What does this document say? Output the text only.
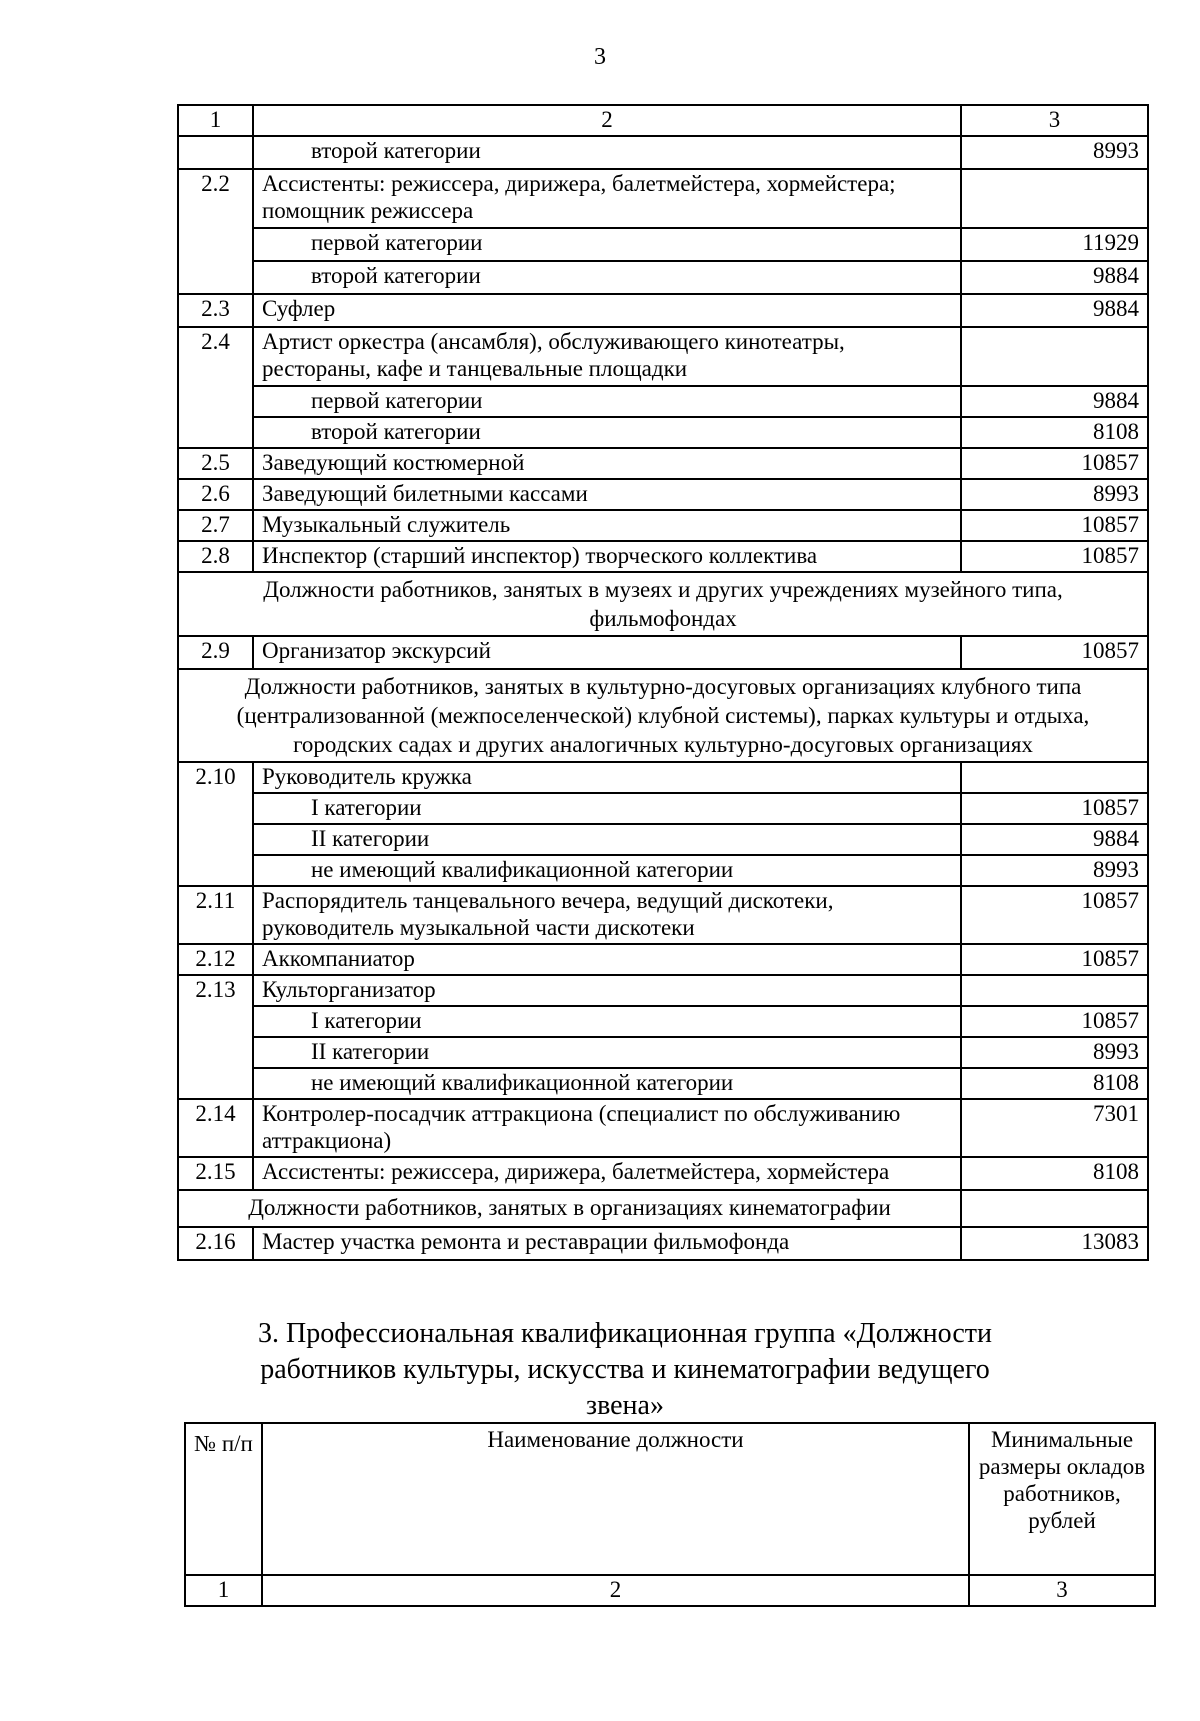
3
1	2	3
	второй категории	8993
2.2	Ассистенты: режиссера, дирижера, балетмейстера, хормейстера; помощник режиссера	
	первой категории	11929
	второй категории	9884
2.3	Суфлер	9884
2.4	Артист оркестра (ансамбля), обслуживающего кинотеатры, рестораны, кафе и танцевальные площадки	
	первой категории	9884
	второй категории	8108
2.5	Заведующий костюмерной	10857
2.6	Заведующий билетными кассами	8993
2.7	Музыкальный служитель	10857
2.8	Инспектор (старший инспектор) творческого коллектива	10857
Должности работников, занятых в музеях и других учреждениях музейного типа, фильмофондах		
2.9	Организатор экскурсий	10857
Должности работников, занятых в культурно-досуговых организациях клубного типа (централизованной (межпоселенческой) клубной системы), парках культуры и отдыха, городских садах и других аналогичных культурно-досуговых организациях		
2.10	Руководитель кружка	
	I категории	10857
	II категории	9884
	не имеющий квалификационной категории	8993
2.11	Распорядитель танцевального вечера, ведущий дискотеки, руководитель музыкальной части дискотеки	10857
2.12	Аккомпаниатор	10857
2.13	Культорганизатор	
	I категории	10857
	II категории	8993
	не имеющий квалификационной категории	8108
2.14	Контролер-посадчик аттракциона (специалист по обслуживанию аттракциона)	7301
2.15	Ассистенты: режиссера, дирижера, балетмейстера, хормейстера	8108
Должности работников, занятых в организациях кинематографии		
2.16	Мастер участка ремонта и реставрации фильмофонда	13083
3. Профессиональная квалификационная группа «Должности работников культуры, искусства и кинематографии ведущего звена»
№ п/п	Наименование должности	Минимальные размеры окладов работников, рублей
1	2	3
